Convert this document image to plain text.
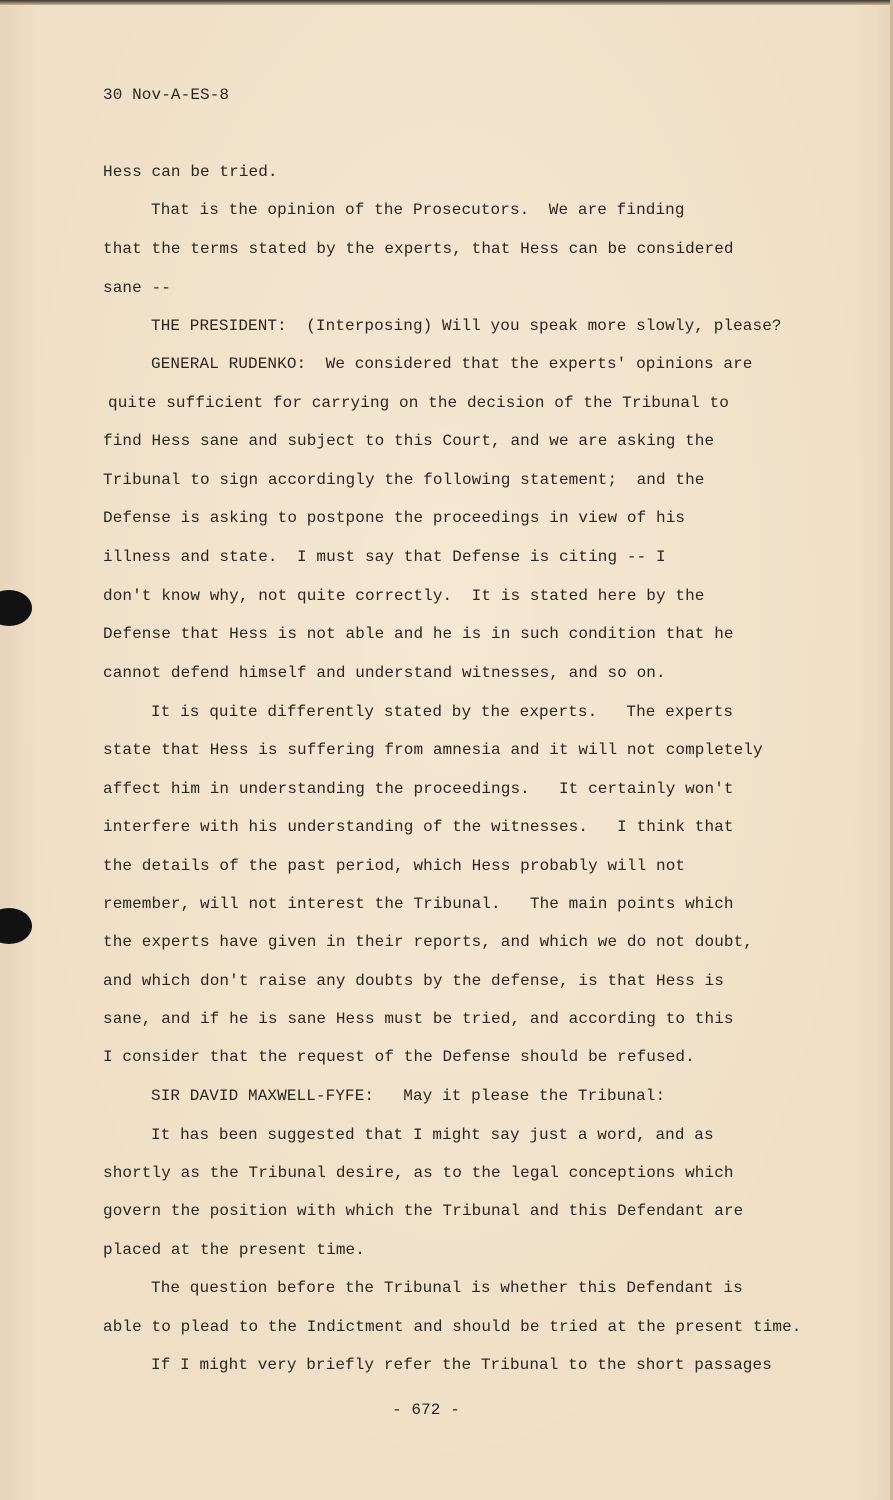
30 Nov-A-ES-8
Hess can be tried.
That is the opinion of the Prosecutors.  We are finding
that the terms stated by the experts, that Hess can be considered
sane --
THE PRESIDENT:  (Interposing) Will you speak more slowly, please?
GENERAL RUDENKO:  We considered that the experts' opinions are
quite sufficient for carrying on the decision of the Tribunal to
find Hess sane and subject to this Court, and we are asking the
Tribunal to sign accordingly the following statement;  and the
Defense is asking to postpone the proceedings in view of his
illness and state.  I must say that Defense is citing -- I
don't know why, not quite correctly.  It is stated here by the
Defense that Hess is not able and he is in such condition that he
cannot defend himself and understand witnesses, and so on.
It is quite differently stated by the experts.   The experts
state that Hess is suffering from amnesia and it will not completely
affect him in understanding the proceedings.   It certainly won't
interfere with his understanding of the witnesses.   I think that
the details of the past period, which Hess probably will not
remember, will not interest the Tribunal.   The main points which
the experts have given in their reports, and which we do not doubt,
and which don't raise any doubts by the defense, is that Hess is
sane, and if he is sane Hess must be tried, and according to this
I consider that the request of the Defense should be refused.
SIR DAVID MAXWELL-FYFE:   May it please the Tribunal:
It has been suggested that I might say just a word, and as
shortly as the Tribunal desire, as to the legal conceptions which
govern the position with which the Tribunal and this Defendant are
placed at the present time.
The question before the Tribunal is whether this Defendant is
able to plead to the Indictment and should be tried at the present time.
If I might very briefly refer the Tribunal to the short passages
- 672 -
